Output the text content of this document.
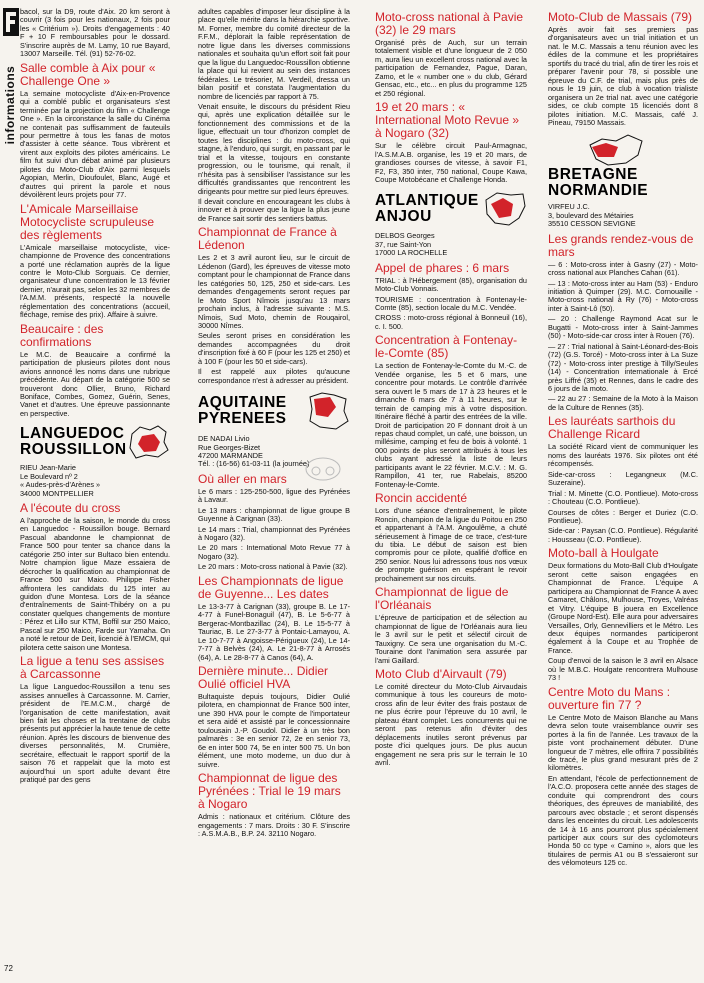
informations
72

bacol, sur la D9, route d'Aix. 20 km seront à couvrir (3 fois pour les nationaux, 2 fois pour les « Critérium »). Droits d'engagements : 40 F + 10 F remboursables pour le dossard. S'inscrire auprès de M. Lamy, 10 rue Bayard, 13007 Marseille. Tél. (91) 52-76-02.

Salle comble à Aix pour « Challenge One »

La semaine motocycliste d'Aix-en-Provence qui a comblé public et organisateurs s'est terminée par la projection du film « Challenge One ». En la circonstance la salle du Cinéma ne contenait pas suffisamment de fauteuils pour permettre à tous les fanas de motos d'assister à cette séance. Tous vibrèrent et virent aux exploits des pilotes américains. Le film fut suivi d'un débat animé par plusieurs pilotes du Moto-Club d'Aix parmi lesquels Agopian, Merlin, Dioufoulet, Blanc, Augé et d'autres qui prirent la parole et nous dévoilèrent leurs projets pour 77.

L'Amicale Marseillaise Motocycliste scrupuleuse des règlements

L'Amicale marseillaise motocycliste, vice-championne de Provence des concentrations a porté une réclamation auprès de la ligue contre le Moto-Club Sorguais. Ce dernier, organisateur d'une concentration le 13 février dernier, n'aurait pas, selon les 32 membres de l'A.M.M. présents, respecté la nouvelle réglementation des concentrations (accueil, fléchage, remise des prix). Affaire à suivre.

Beaucaire : des confirmations

Le M.C. de Beaucaire a confirmé la participation de plusieurs pilotes dont nous avions annoncé les noms dans une rubrique précédente. Au départ de la catégorie 500 se trouveront donc Ollier, Bruno, Richard Boniface, Combes, Gomez, Guérin, Senes, Vanet et d'autres. Une épreuve passionnante en perspective.

LANGUEDOC ROUSSILLON
RIEU Jean-Marie
Le Boulevard nº 2
« Audes-près-d'Arènes »
34000 MONTPELLIER
A l'écoute du cross

A l'approche de la saison, le monde du cross en Languedoc - Roussillon bouge. Bernard Pascual abandonne le championnat de France 500 pour tenter sa chance dans la catégorie 250 inter sur Bultaco bien entendu. Notre champion ligue Maze essaiera de décrocher la qualification au championnat de France 500 sur Maico. Philippe Fisher affrontera les candidats du 125 inter au guidon d'une Montesa. Lors de la séance d'entraînements de Saint-Thibéry on a pu constater quelques changements de monture : Pérez et Lillo sur KTM, Boffil sur 250 Maico, Pascal sur 250 Maico, Farde sur Yamaha. On a noté le retour de Deit, licencié à l'EMCM, qui pilotera cette saison une Montesa.

La ligue a tenu ses assises à Carcassonne

La ligue Languedoc-Roussillon a tenu ses assises annuelles à Carcassonne. M. Carrier, président de l'E.M.C.M., chargé de l'organisation de cette manifestation, avait bien fait les choses et la trentaine de clubs présents put apprécier la haute tenue de cette réunion. Après les discours de bienvenue des diverses personnalités, M. Crumière, secrétaire, effectuait le rapport sportif de la saison 76 et rappelait que la moto est aujourd'hui un sport adulte devant être pratiqué par des gens

adultes capables d'imposer leur discipline à la place qu'elle mérite dans la hiérarchie sportive. M. Forner, membre du comité directeur de la F.F.M., déplorait la faible représentation de notre ligue dans les diverses commissions nationales et souhaita qu'un effort soit fait pour que la ligue du Languedoc-Roussillon obtienne la place qui lui revient au sein des instances fédérales. Le trésorier, M. Verdeil, dressa un bilan positif et constata l'augmentation du nombre de licenciés par rapport à 75.

Venait ensuite, le discours du président Rieu qui, après une explication détaillée sur le fonctionnement des commissions et de la ligue, effectuait un tour d'horizon complet de toutes les disciplines : du moto-cross, qui stagne, à l'enduro, qui surgit, en passant par le trial et la vitesse, toujours en constante progression, ou le tourisme, qui renaît, il n'hésita pas à sensibiliser l'assistance sur les difficultés grandissantes que rencontrent les dirigeants pour mettre sur pied leurs épreuves.

Il devait conclure en encourageant les clubs à innover et à prouver que la ligue la plus jeune de France sait sortir des sentiers battus.

Championnat de France à Lédenon

Les 2 et 3 avril auront lieu, sur le circuit de Lédenon (Gard), les épreuves de vitesse moto comptant pour le championnat de France dans les catégories 50, 125, 250 et side-cars. Les demandes d'engagements seront reçues par le Moto Sport Nîmois jusqu'au 13 mars prochain inclus, à l'adresse suivante : M.S. Nîmois, Sud Moto, chemin de Rouqairol, 30000 Nîmes.

Seules seront prises en considération les demandes accompagnées du droit d'inscription fixé à 60 F (pour les 125 et 250) et à 100 F (pour les 50 et side-cars).

Il est rappelé aux pilotes qu'aucune correspondance n'est à adresser au président.

AQUITAINE PYRENEES
DE NADAI Livio
Rue Georges-Bizet
47200 MARMANDE
Tél. : (16-56) 61-03-11 (la journée)
Où aller en mars

Le 6 mars : 125-250-500, ligue des Pyrénées à Lavaur.

Le 13 mars : championnat de ligue groupe B Guyenne à Carignan (33).

Le 14 mars : Trial, championnat des Pyrénées à Nogaro (32).

Le 20 mars : International Moto Revue 77 à Nogaro (32).

Le 20 mars : Moto-cross national à Pavie (32).

Les Championnats de ligue de Guyenne... Les dates

Le 13-3-77 à Carignan (33), groupe B. Le 17-4-77 à Funel-Bonaguil (47), B. Le 5-6-77 à Bergerac-Montbazillac (24), B. Le 15-5-77 à Tauriac, B. Le 27-3-77 à Pontaic-Lamayou, A. Le 10-7-77 à Angoisse-Périgueux (24), Le 14-7-77 à Belvès (24), A. Le 21-8-77 à Arrosés (64), A. Le 28-8-77 à Canos (64), A.

Dernière minute... Didier Oulié officiel HVA

Bultaquiste depuis toujours, Didier Oulié pilotera, en championnat de France 500 inter, une 390 HVA pour le compte de l'importateur et sera aidé et assisté par le concessionnaire toulousain J.-P. Goudol. Didier à un très bon palmarès : 3e en senior 72, 2e en senior 73, 6e en inter 500 74, 5e en inter 500 75. Un bon élément, une moto moderne, un duo dur à suivre.

Championnat de ligue des Pyrénées : Trial le 19 mars à Nogaro

Admis : nationaux et critérium. Clôture des engagements : 7 mars. Droits : 30 F. S'inscrire : A.S.M.A.B., B.P. 24. 32110 Nogaro.

Moto-cross national à Pavie (32) le 29 mars

Organisé près de Auch, sur un terrain totalement visible et d'une longueur de 2 050 m, aura lieu un excellent cross national avec la participation de Fernandez, Pague, Daran, Zamo, et le « number one » du club, Gérard Gensac, etc., etc... en plus du programme 125 et 250 régional.

19 et 20 mars : « International Moto Revue » à Nogaro (32)

Sur le célèbre circuit Paul-Armagnac, l'A.S.M.A.B. organise, les 19 et 20 mars, de grandioses courses de vitesse, à savoir F1, F2, F3, 350 inter, 750 national, Coupe Kawa, Coupe Motobécane et Challenge Honda.

ATLANTIQUE ANJOU
DELBOS Georges
37, rue Saint-Yon
17000 LA ROCHELLE
Appel de phares : 6 mars

TRIAL : à l'Hébergement (85), organisation du Moto-Club Vonnais.

TOURISME : concentration à Fontenay-le-Comte (85), section locale du M.C. Vendée.

CROSS : moto-cross régional à Bonneuil (16), c. I. 500.

Concentration à Fontenay-le-Comte (85)

La section de Fontenay-le-Comte du M.-C. de Vendée organise, les 5 et 6 mars, une concentre pour motards. Le contrôle d'arrivée sera ouvert le 5 mars de 17 à 23 heures et le dimanche 6 mars de 7 à 11 heures, sur le terrain de camping mis à votre disposition. Itinéraire fléché à partir des entrées de la ville. Droit de participation 20 F donnant droit à un repas chaud complet, un café, une boisson, un millésime, camping et feu de bois à volonté. 1 000 points de plus seront attribués à tous les clubs ayant adressé la liste de leurs participants avant le 22 février. M.C.V. : M. G. Rampillon, 41 ter, rue Rabelais, 85200 Fontenay-le-Comte.

Roncin accidenté

Lors d'une séance d'entraînement, le pilote Roncin, champion de la ligue du Poitou en 250 et appartenant à l'A.M. Angoulême, a chuté sérieusement à l'image de ce trace, c'est-ture du tibia. Le début de saison est bien compromis pour ce pilote, qualifié d'office en 250 senior. Nous lui adressons tous nos vœux de prompte guérison en espérant le revoir prochainement sur nos circuits.

Championnat de ligue de l'Orléanais

L'épreuve de participation et de sélection au championnat de ligue de l'Orléanais aura lieu le 3 avril sur le petit et sélectif circuit de Tauxigny. Ce sera une organisation du M.-C. Touraine dont l'animation sera assurée par l'ami Gaillard.

Moto Club d'Airvault (79)

Le comité directeur du Moto-Club Airvaudais communique à tous les coureurs de moto-cross afin de leur éviter des frais postaux de ne plus écrire pour l'épreuve du 10 avril, le plateau étant complet. Les concurrents qui ne seront pas retenus afin d'éviter des déplacements inutiles seront prévenus par poste d'ici quelques jours. De plus aucun engagement ne sera pris sur le terrain le 10 avril.

Moto-Club de Massais (79)

Après avoir fait ses premiers pas d'organisateurs avec un trial initiation et un nat. le M.C. Massais a tenu réunion avec les édiles de la commune et les propriétaires sportifs du tracé du trial, afin de tirer les rois et préparer l'avenir pour 78, si possible une épreuve du C.F. de trial, mais plus près de nous le 19 juin, ce club à vocation trialiste organisera un 2e trial nat. avec une catégorie sides, ce club compte 15 licenciés dont 8 pilotes initiation. M.C. Massais, café J. Pineau, 79150 Massais.

BRETAGNE NORMANDIE
VIRFEU J.C.
3, boulevard des Métairies
35510 CESSON SEVIGNE
Les grands rendez-vous de mars

— 6 : Moto-cross inter à Gasny (27) - Moto-cross national aux Planches Cahan (61).

— 13 : Moto-cross inter au Ham (53) - Enduro initiation à Quimper (29). M.C. Cornouaille - Moto-cross national à Ry (76) - Moto-cross inter à Saint-Lô (50).

— 20 : Challenge Raymond Acat sur le Bugatti - Moto-cross inter à Saint-Jammes (50) - Moto-side-car cross inter à Rouen (76).

— 27 : Trial national à Saint-Léonard-des-Bois (72) (G.S. Torcé) - Moto-cross inter à La Suze (72) - Moto-cross inter prestige à Tilly/Seules (14) - Concentration internationale à Ercé près Liffré (35) et Rennes, dans le cadre des 6 jours de la moto.

— 22 au 27 : Semaine de la Moto à la Maison de la Culture de Rennes (35).

Les lauréats sarthois du Challenge Ricard

La société Ricard vient de communiquer les noms des lauréats 1976. Six pilotes ont été récompensés.

Side-car-cross : Legangneux (M.C. Suzeraine).

Trial : M. Minette (C.O. Pontlieue). Moto-cross : Chouteau (C.O. Pontlieue).

Courses de côtes : Berger et Duriez (C.O. Pontlieue).

Side-car : Paysan (C.O. Pontlieue). Régularité : Housseau (C.O. Pontlieue).

Moto-ball à Houlgate

Deux formations du Moto-Ball Club d'Houlgate seront cette saison engagées en Championnat de France. L'équipe A participera au Championnat de France A avec Camaret, Châlons, Mulhouse, Troyes, Valréas et Vitry. L'équipe B jouera en Excellence (Groupe Nord-Est). Elle aura pour adversaires Versailles, Orly, Gennevilliers et le Métro. Les deux équipes normandes participeront également à la Coupe et au Trophée de France.

Coup d'envoi de la saison le 3 avril en Alsace où le M.B.C. Houlgate rencontrera Mulhouse 73 !

Centre Moto du Mans : ouverture fin 77 ?

Le Centre Moto de Maison Blanche au Mans devra selon toute vraisemblance ouvrir ses portes à la fin de l'année. Les travaux de la piste vont prochainement débuter. D'une longueur de 7 mètres, elle offrira 7 possibilités de tracé, le plus grand mesurant près de 2 kilomètres.

En attendant, l'école de perfectionnement de l'A.C.O. proposera cette année des stages de conduite qui comprendront des cours théoriques, des épreuves de maniabilité, des parcours avec obstacle ; et seront dispensés dans les enceintes du circuit. Les adolescents de 14 à 16 ans pourront plus spécialement participer aux cours sur des cyclomoteurs Honda 50 cc type « Camino », alors que les titulaires de permis A1 ou B s'essaieront sur des vélomoteurs 125 cc.
